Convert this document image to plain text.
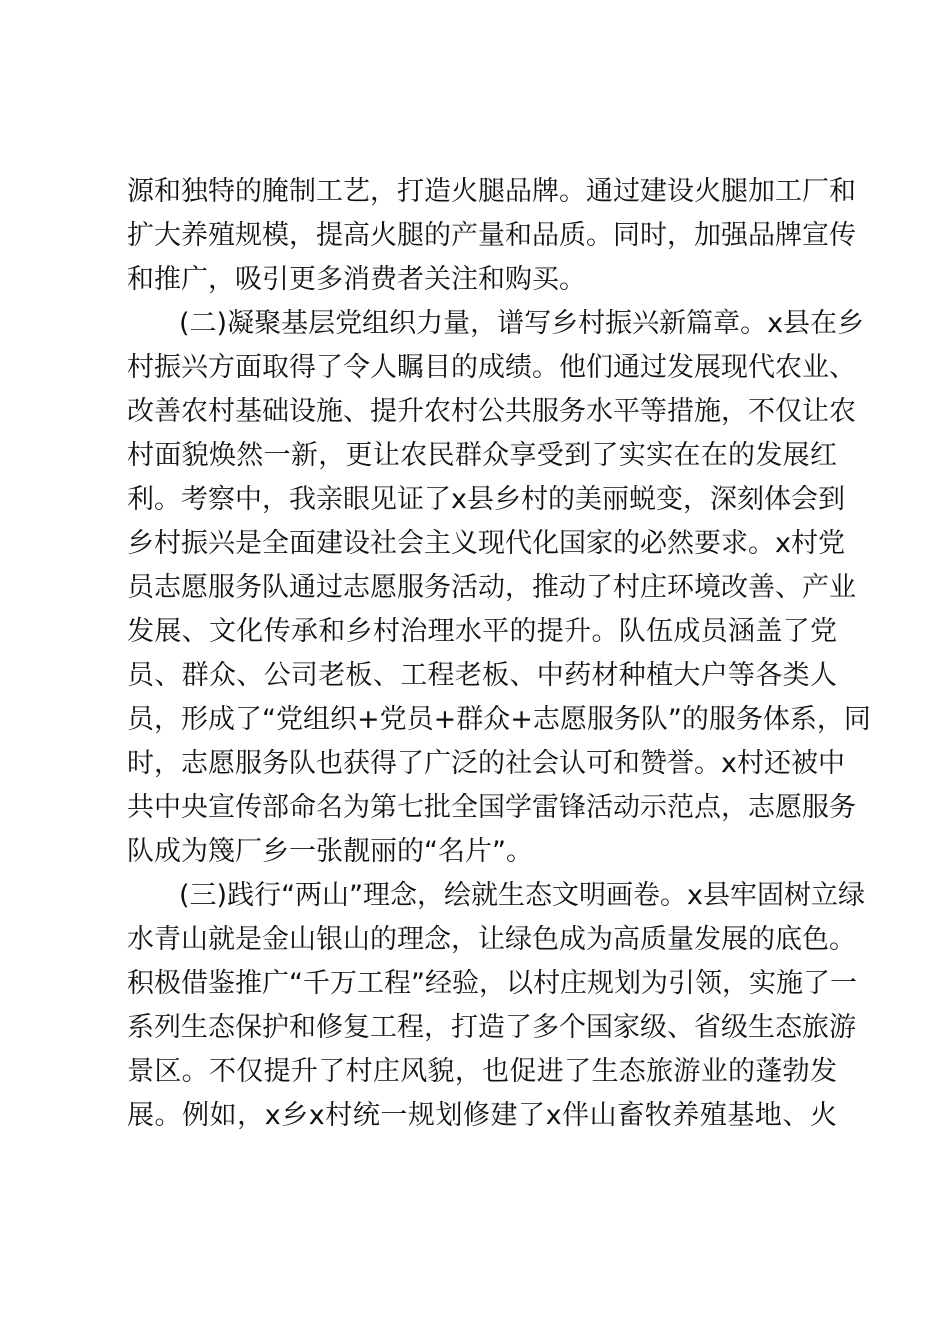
源和独特的腌制工艺，打造火腿品牌。通过建设火腿加工厂和
扩大养殖规模，提高火腿的产量和品质。同时，加强品牌宣传
和推广，吸引更多消费者关注和购买。
(二)凝聚基层党组织力量，谱写乡村振兴新篇章。x县在乡
村振兴方面取得了令人瞩目的成绩。他们通过发展现代农业、
改善农村基础设施、提升农村公共服务水平等措施，不仅让农
村面貌焕然一新，更让农民群众享受到了实实在在的发展红
利。考察中，我亲眼见证了x县乡村的美丽蜕变，深刻体会到
乡村振兴是全面建设社会主义现代化国家的必然要求。x村党
员志愿服务队通过志愿服务活动，推动了村庄环境改善、产业
发展、文化传承和乡村治理水平的提升。队伍成员涵盖了党
员、群众、公司老板、工程老板、中药材种植大户等各类人
员，形成了“党组织+党员+群众+志愿服务队”的服务体系，同
时，志愿服务队也获得了广泛的社会认可和赞誉。x村还被中
共中央宣传部命名为第七批全国学雷锋活动示范点，志愿服务
队成为篾厂乡一张靓丽的“名片”。
(三)践行“两山”理念，绘就生态文明画卷。x县牢固树立绿
水青山就是金山银山的理念，让绿色成为高质量发展的底色。
积极借鉴推广“千万工程”经验，以村庄规划为引领，实施了一
系列生态保护和修复工程，打造了多个国家级、省级生态旅游
景区。不仅提升了村庄风貌，也促进了生态旅游业的蓬勃发
展。例如，x乡x村统一规划修建了x伴山畜牧养殖基地、火
